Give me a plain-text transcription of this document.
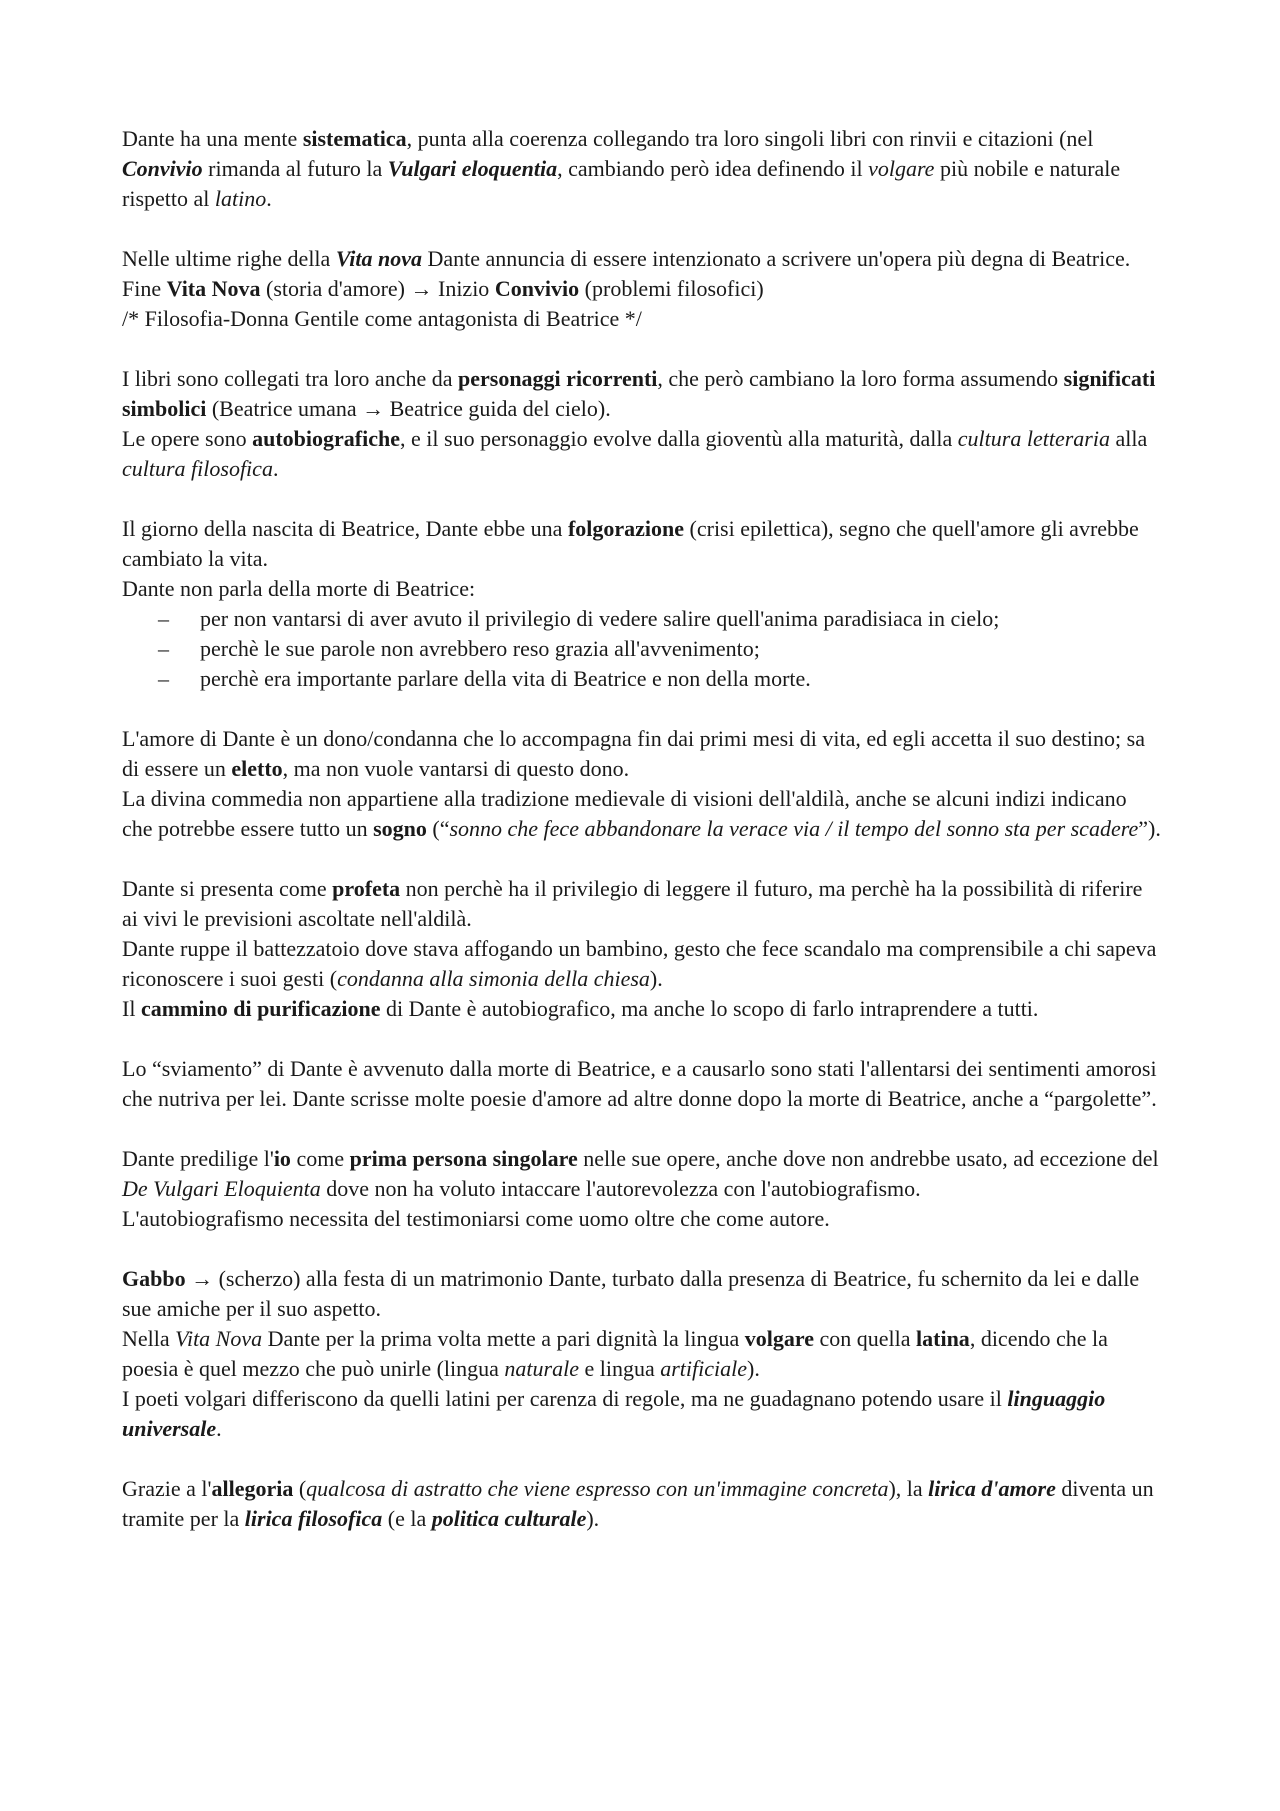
Dante ha una mente sistematica, punta alla coerenza collegando tra loro singoli libri con rinvii e citazioni (nel Convivio rimanda al futuro la Vulgari eloquentia, cambiando però idea definendo il volgare più nobile e naturale rispetto al latino.

Nelle ultime righe della Vita nova Dante annuncia di essere intenzionato a scrivere un'opera più degna di Beatrice.

Fine Vita Nova (storia d'amore) → Inizio Convivio (problemi filosofici)

/* Filosofia-Donna Gentile come antagonista di Beatrice */

I libri sono collegati tra loro anche da personaggi ricorrenti, che però cambiano la loro forma assumendo significati simbolici (Beatrice umana → Beatrice guida del cielo).

Le opere sono autobiografiche, e il suo personaggio evolve dalla gioventù alla maturità, dalla cultura letteraria alla cultura filosofica.

Il giorno della nascita di Beatrice, Dante ebbe una folgorazione (crisi epilettica), segno che quell'amore gli avrebbe cambiato la vita.

Dante non parla della morte di Beatrice:

– per non vantarsi di aver avuto il privilegio di vedere salire quell'anima paradisiaca in cielo;
– perchè le sue parole non avrebbero reso grazia all'avvenimento;
– perchè era importante parlare della vita di Beatrice e non della morte.

L'amore di Dante è un dono/condanna che lo accompagna fin dai primi mesi di vita, ed egli accetta il suo destino; sa di essere un eletto, ma non vuole vantarsi di questo dono.

La divina commedia non appartiene alla tradizione medievale di visioni dell'aldilà, anche se alcuni indizi indicano che potrebbe essere tutto un sogno (“sonno che fece abbandonare la verace via / il tempo del sonno sta per scadere”).

Dante si presenta come profeta non perchè ha il privilegio di leggere il futuro, ma perchè ha la possibilità di riferire ai vivi le previsioni ascoltate nell'aldilà.

Dante ruppe il battezzatoio dove stava affogando un bambino, gesto che fece scandalo ma comprensibile a chi sapeva riconoscere i suoi gesti (condanna alla simonia della chiesa).

Il cammino di purificazione di Dante è autobiografico, ma anche lo scopo di farlo intraprendere a tutti.

Lo “sviamento” di Dante è avvenuto dalla morte di Beatrice, e a causarlo sono stati l'allentarsi dei sentimenti amorosi che nutriva per lei. Dante scrisse molte poesie d'amore ad altre donne dopo la morte di Beatrice, anche a “pargolette”.

Dante predilige l'io come prima persona singolare nelle sue opere, anche dove non andrebbe usato, ad eccezione del De Vulgari Eloquienta dove non ha voluto intaccare l'autorevolezza con l'autobiografismo.

L'autobiografismo necessita del testimoniarsi come uomo oltre che come autore.

Gabbo → (scherzo) alla festa di un matrimonio Dante, turbato dalla presenza di Beatrice, fu schernito da lei e dalle sue amiche per il suo aspetto.

Nella Vita Nova Dante per la prima volta mette a pari dignità la lingua volgare con quella latina, dicendo che la poesia è quel mezzo che può unirle (lingua naturale e lingua artificiale).

I poeti volgari differiscono da quelli latini per carenza di regole, ma ne guadagnano potendo usare il linguaggio universale.

Grazie a l'allegoria (qualcosa di astratto che viene espresso con un'immagine concreta), la lirica d'amore diventa un tramite per la lirica filosofica (e la politica culturale).
